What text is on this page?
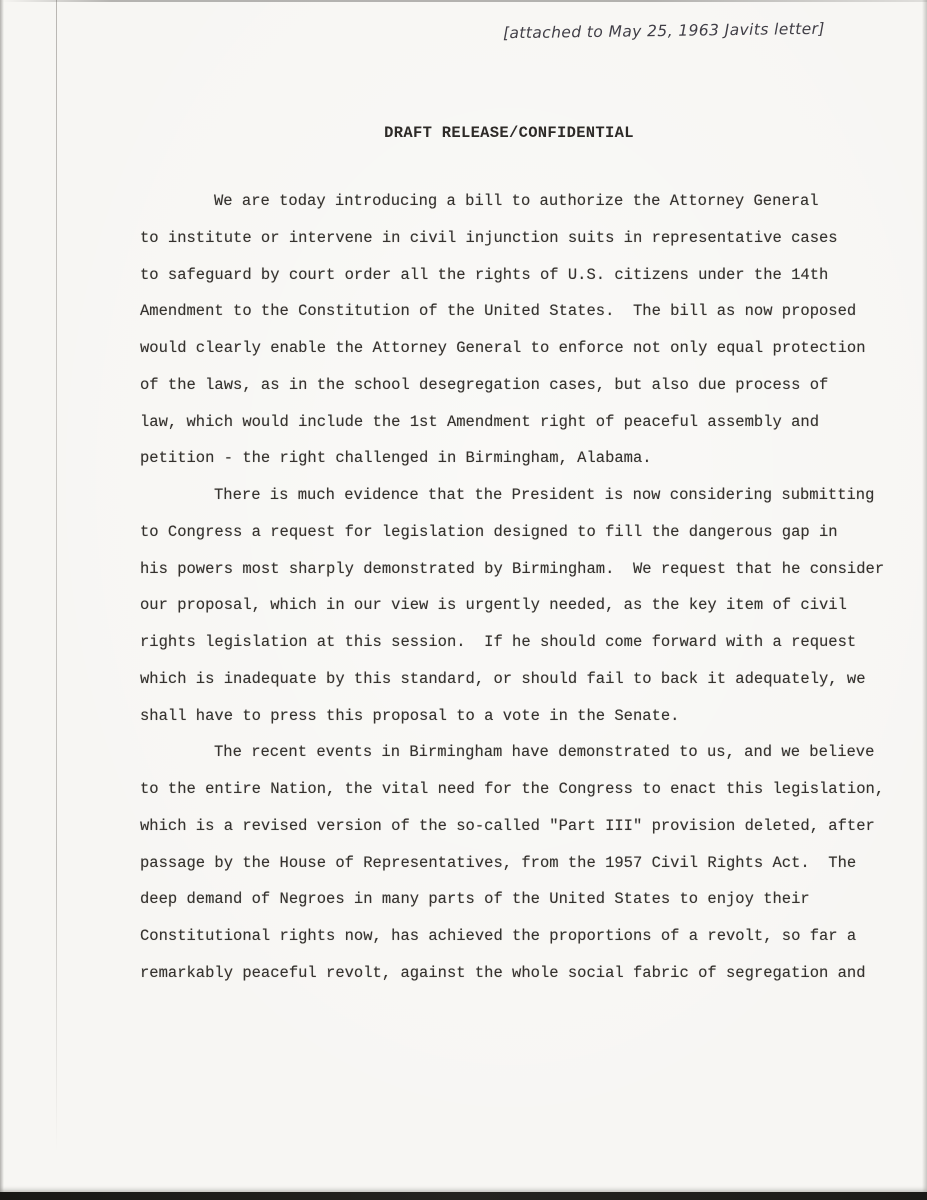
[attached to May 25, 1963 Javits letter]
DRAFT RELEASE/CONFIDENTIAL
We are today introducing a bill to authorize the Attorney General
to institute or intervene in civil injunction suits in representative cases
to safeguard by court order all the rights of U.S. citizens under the 14th
Amendment to the Constitution of the United States.  The bill as now proposed
would clearly enable the Attorney General to enforce not only equal protection
of the laws, as in the school desegregation cases, but also due process of
law, which would include the 1st Amendment right of peaceful assembly and
petition - the right challenged in Birmingham, Alabama.
There is much evidence that the President is now considering submitting
to Congress a request for legislation designed to fill the dangerous gap in
his powers most sharply demonstrated by Birmingham.  We request that he consider
our proposal, which in our view is urgently needed, as the key item of civil
rights legislation at this session.  If he should come forward with a request
which is inadequate by this standard, or should fail to back it adequately, we
shall have to press this proposal to a vote in the Senate.
The recent events in Birmingham have demonstrated to us, and we believe
to the entire Nation, the vital need for the Congress to enact this legislation,
which is a revised version of the so-called "Part III" provision deleted, after
passage by the House of Representatives, from the 1957 Civil Rights Act.  The
deep demand of Negroes in many parts of the United States to enjoy their
Constitutional rights now, has achieved the proportions of a revolt, so far a
remarkably peaceful revolt, against the whole social fabric of segregation and
